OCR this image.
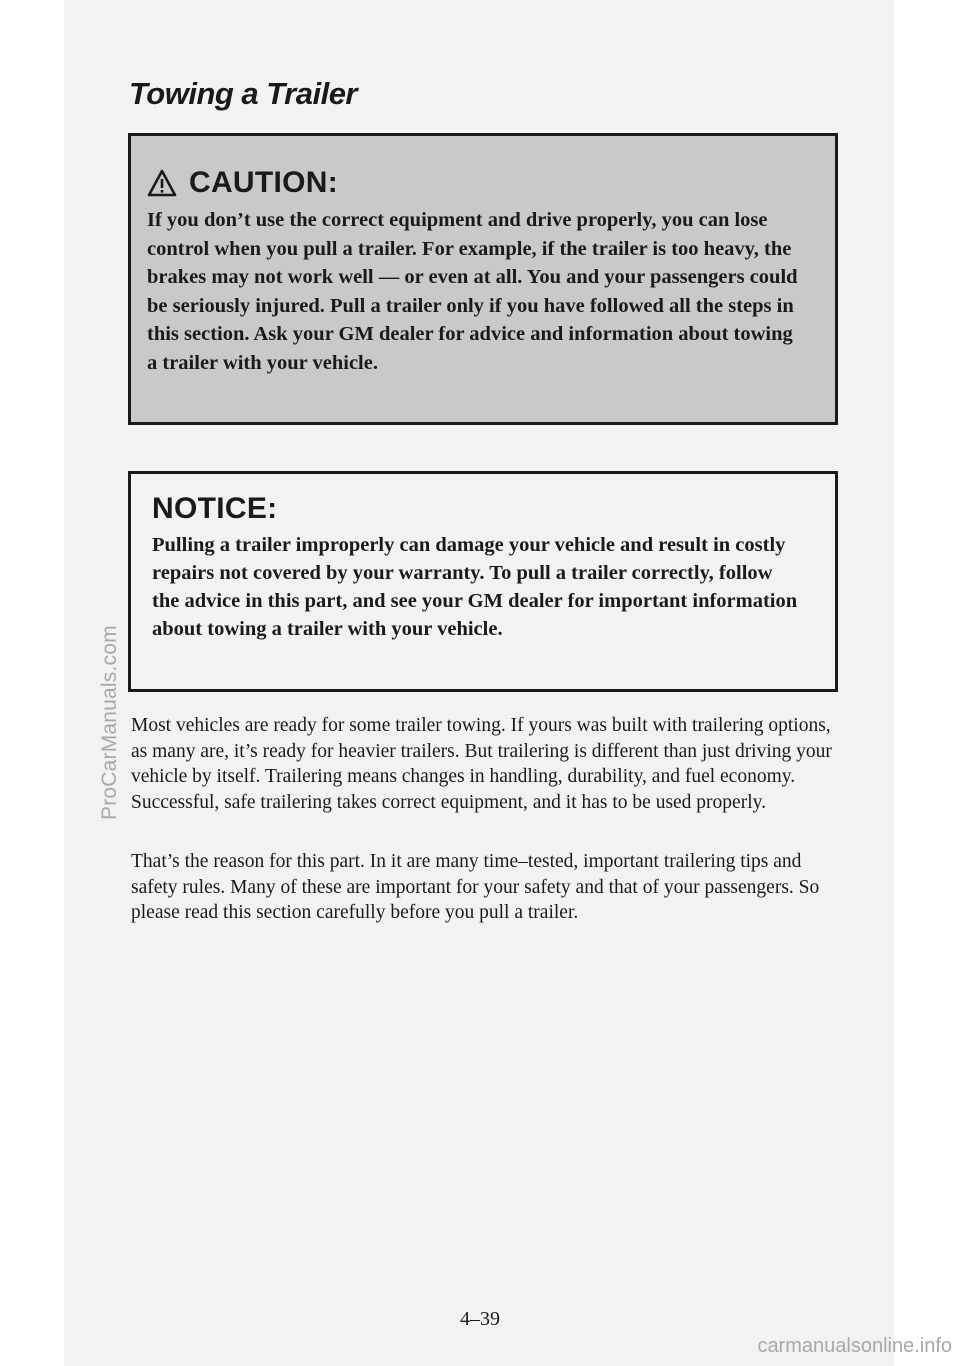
Towing a Trailer
CAUTION:

If you don’t use the correct equipment and drive properly, you can lose control when you pull a trailer. For example, if the trailer is too heavy, the brakes may not work well — or even at all. You and your passengers could be seriously injured. Pull a trailer only if you have followed all the steps in this section. Ask your GM dealer for advice and information about towing a trailer with your vehicle.

NOTICE:

Pulling a trailer improperly can damage your vehicle and result in costly repairs not covered by your warranty. To pull a trailer correctly, follow the advice in this part, and see your GM dealer for important information about towing a trailer with your vehicle.

Most vehicles are ready for some trailer towing. If yours was built with trailering options, as many are, it’s ready for heavier trailers. But trailering is different than just driving your vehicle by itself. Trailering means changes in handling, durability, and fuel economy. Successful, safe trailering takes correct equipment, and it has to be used properly.

That’s the reason for this part. In it are many time–tested, important trailering tips and safety rules. Many of these are important for your safety and that of your passengers. So please read this section carefully before you pull a trailer.

4–39
ProCarManuals.com
carmanualsonline.info
